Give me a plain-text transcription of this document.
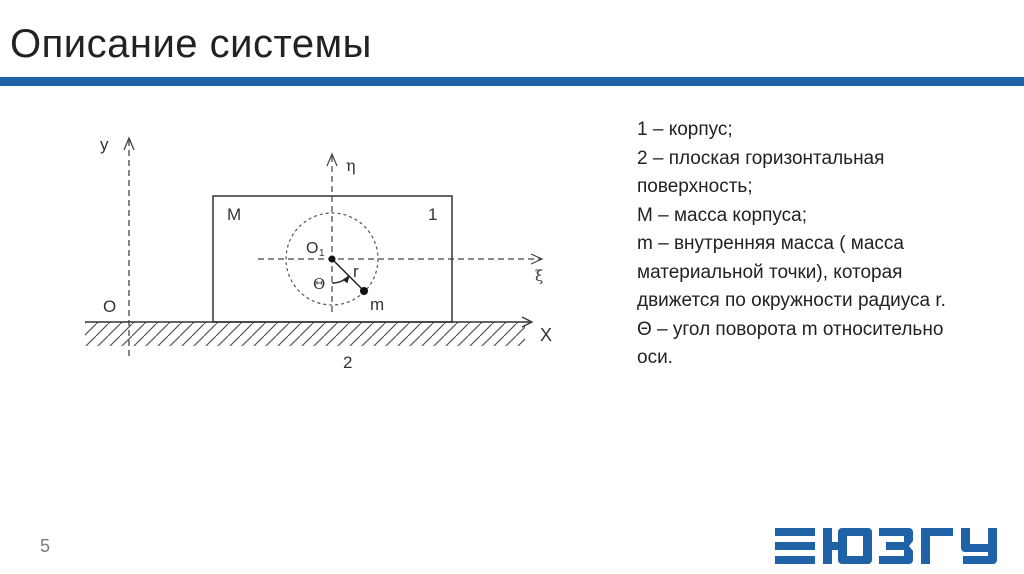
Описание системы
y
X
O
η
ξ
M	1
2
O 1
r
m
Θ
1 – корпус;
2 – плоская горизонтальная
поверхность;
M – масса корпуса;
m – внутренняя масса ( масса
материальной точки), которая
движется по окружности радиуса r.
Θ – угол поворота m относительно
оси.
5
